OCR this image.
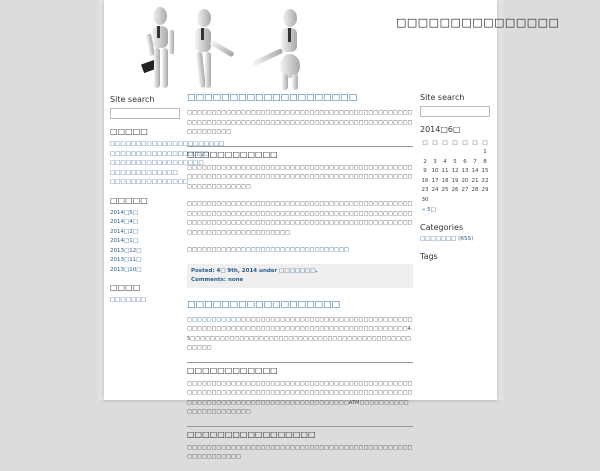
□□□□□□□□□□□□□□□
Site search
□□□□□
□□□□□□□□□□□□□□□□□□□□□□
□□□□□□□□□□□□□□□□□□□
□□□□□□□□□□□□□□□□□□
□□□□□□□□□□□□□
□□□□□□□□□□□□□□□
□□□□□
2014□5□
2014□4□
2014□2□
2014□1□
2013□12□
2013□11□
2013□10□
□□□□
□□□□□□□
□□□□□□□□□□□□□□□□□□□□
□□□□□□□□□□□□□□□□□□□□□□□□□□□□□□□□□□□□□□□□□□□□□□□□□□□□□□□□□□□□□□□□□□□□□□□□□□□□□□□□□□□□□□□□□□□□□□□□□□□□□
□□□□□□□□□□□□
□□□□□□□□□□□□□□□□□□□□□□□□□□□□□□□□□□□□□□□□□□□□□□□□□□□□□□□□□□□□□□□□□□□□□□□□□□□□□□□□□□□□□□□□□□□□□□□□□□□□□□□□□
□□□□□□□□□□□□□□□□□□□□□□□□□□□□□□□□□□□□□□□□□□□□□□□□□□□□□□□□□□□□□□□□□□□□□□□□□□□□□□□□□□□□□□□□□□□□□□□□□□□□□□□□□□□□□□□□□□□□□□□□□□□□□□□□□□□□□□□□□□□□□□□□□□□□□□□□□□□□□□□
□□□□□□□□□□□□□□□□□□□□□□□□□□□□□□□□□
Posted: 4□ 9th, 2014 under □□□□□□□.
Comments: none
□□□□□□□□□□□□□□□□□□
□□□□□□□□□□□□□□□□□□□□□□□□□□□□□□□□□□□□□□□□□□□□□□□□□□□□□□□□□□□□□□□□□□□□□□□□□□□□□□□□□□□□□□□□□□□4.5□□□□□□□□□□□□□□□□□□□□□□□□□□□□□□□□□□□□□□□□□□□□□□□□□□
□□□□□□□□□□□□
□□□□□□□□□□□□□□□□□□□□□□□□□□□□□□□□□□□□□□□□□□□□□□□□□□□□□□□□□□□□□□□□□□□□□□□□□□□□□□□□□□□□□□□□□□□□□□□□□□□□□□□□□□□□□□□□□□□□□□□□□□□□□ATM□□□□□□□□□□□□□□□□□□□□□□□
□□□□□□□□□□□□□□□□□
□□□□□□□□□□□□□□□□□□□□□□□□□□□□□□□□□□□□□□□□□□□□□□□□□□□□□□□□□
Site search
2014□6□
□	□	□	□	□	□	□
						1
2	3	4	5	6	7	8
9	10	11	12	13	14	15
16	17	18	19	20	21	22
23	24	25	26	27	28	29
30						
« 5□
Categories
□□□□□□□ (RSS)
Tags
